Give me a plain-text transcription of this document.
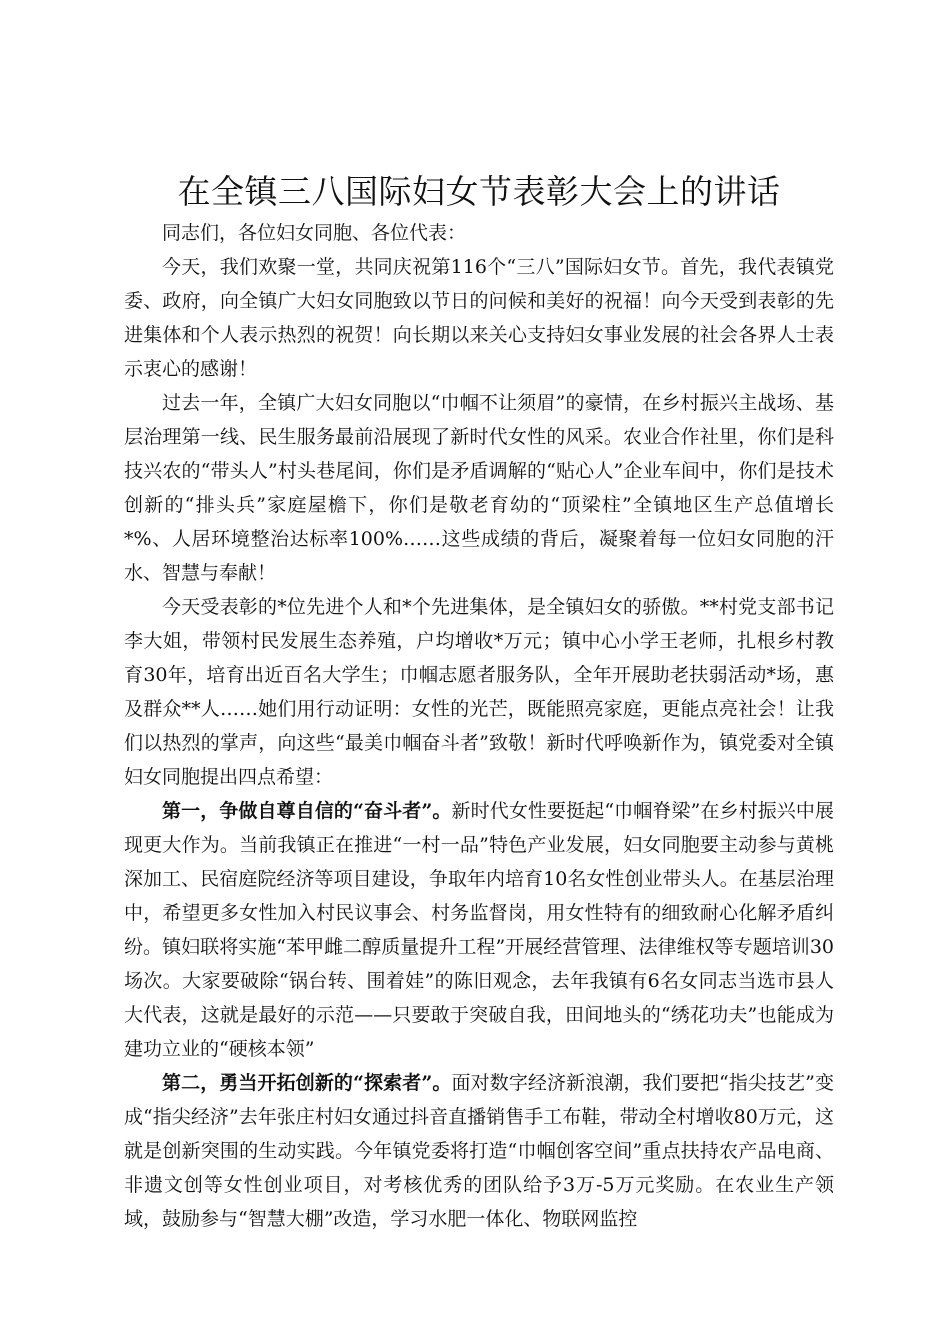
在全镇三八国际妇女节表彰大会上的讲话

同志们，各位妇女同胞、各位代表：

今天，我们欢聚一堂，共同庆祝第116个“三八”国际妇女节。首先，我代表镇党委、政府，向全镇广大妇女同胞致以节日的问候和美好的祝福！向今天受到表彰的先进集体和个人表示热烈的祝贺！向长期以来关心支持妇女事业发展的社会各界人士表示衷心的感谢！

过去一年，全镇广大妇女同胞以“巾帼不让须眉”的豪情，在乡村振兴主战场、基层治理第一线、民生服务最前沿展现了新时代女性的风采。农业合作社里，你们是科技兴农的“带头人”村头巷尾间，你们是矛盾调解的“贴心人”企业车间中，你们是技术创新的“排头兵”家庭屋檐下，你们是敬老育幼的“顶梁柱”全镇地区生产总值增长*%、人居环境整治达标率100%……这些成绩的背后，凝聚着每一位妇女同胞的汗水、智慧与奉献！

今天受表彰的*位先进个人和*个先进集体，是全镇妇女的骄傲。**村党支部书记李大姐，带领村民发展生态养殖，户均增收*万元；镇中心小学王老师，扎根乡村教育30年，培育出近百名大学生；巾帼志愿者服务队，全年开展助老扶弱活动*场，惠及群众**人……她们用行动证明：女性的光芒，既能照亮家庭，更能点亮社会！让我们以热烈的掌声，向这些“最美巾帼奋斗者”致敬！新时代呼唤新作为，镇党委对全镇妇女同胞提出四点希望：

第一，争做自尊自信的“奋斗者”。新时代女性要挺起“巾帼脊梁”在乡村振兴中展现更大作为。当前我镇正在推进“一村一品”特色产业发展，妇女同胞要主动参与黄桃深加工、民宿庭院经济等项目建设，争取年内培育10名女性创业带头人。在基层治理中，希望更多女性加入村民议事会、村务监督岗，用女性特有的细致耐心化解矛盾纠纷。镇妇联将实施“苯甲雌二醇质量提升工程”开展经营管理、法律维权等专题培训30场次。大家要破除“锅台转、围着娃”的陈旧观念，去年我镇有6名女同志当选市县人大代表，这就是最好的示范——只要敢于突破自我，田间地头的“绣花功夫”也能成为建功立业的“硬核本领”

第二，勇当开拓创新的“探索者”。面对数字经济新浪潮，我们要把“指尖技艺”变成“指尖经济”去年张庄村妇女通过抖音直播销售手工布鞋，带动全村增收80万元，这就是创新突围的生动实践。今年镇党委将打造“巾帼创客空间”重点扶持农产品电商、非遗文创等女性创业项目，对考核优秀的团队给予3万-5万元奖励。在农业生产领域，鼓励参与“智慧大棚”改造，学习水肥一体化、物联网监控
